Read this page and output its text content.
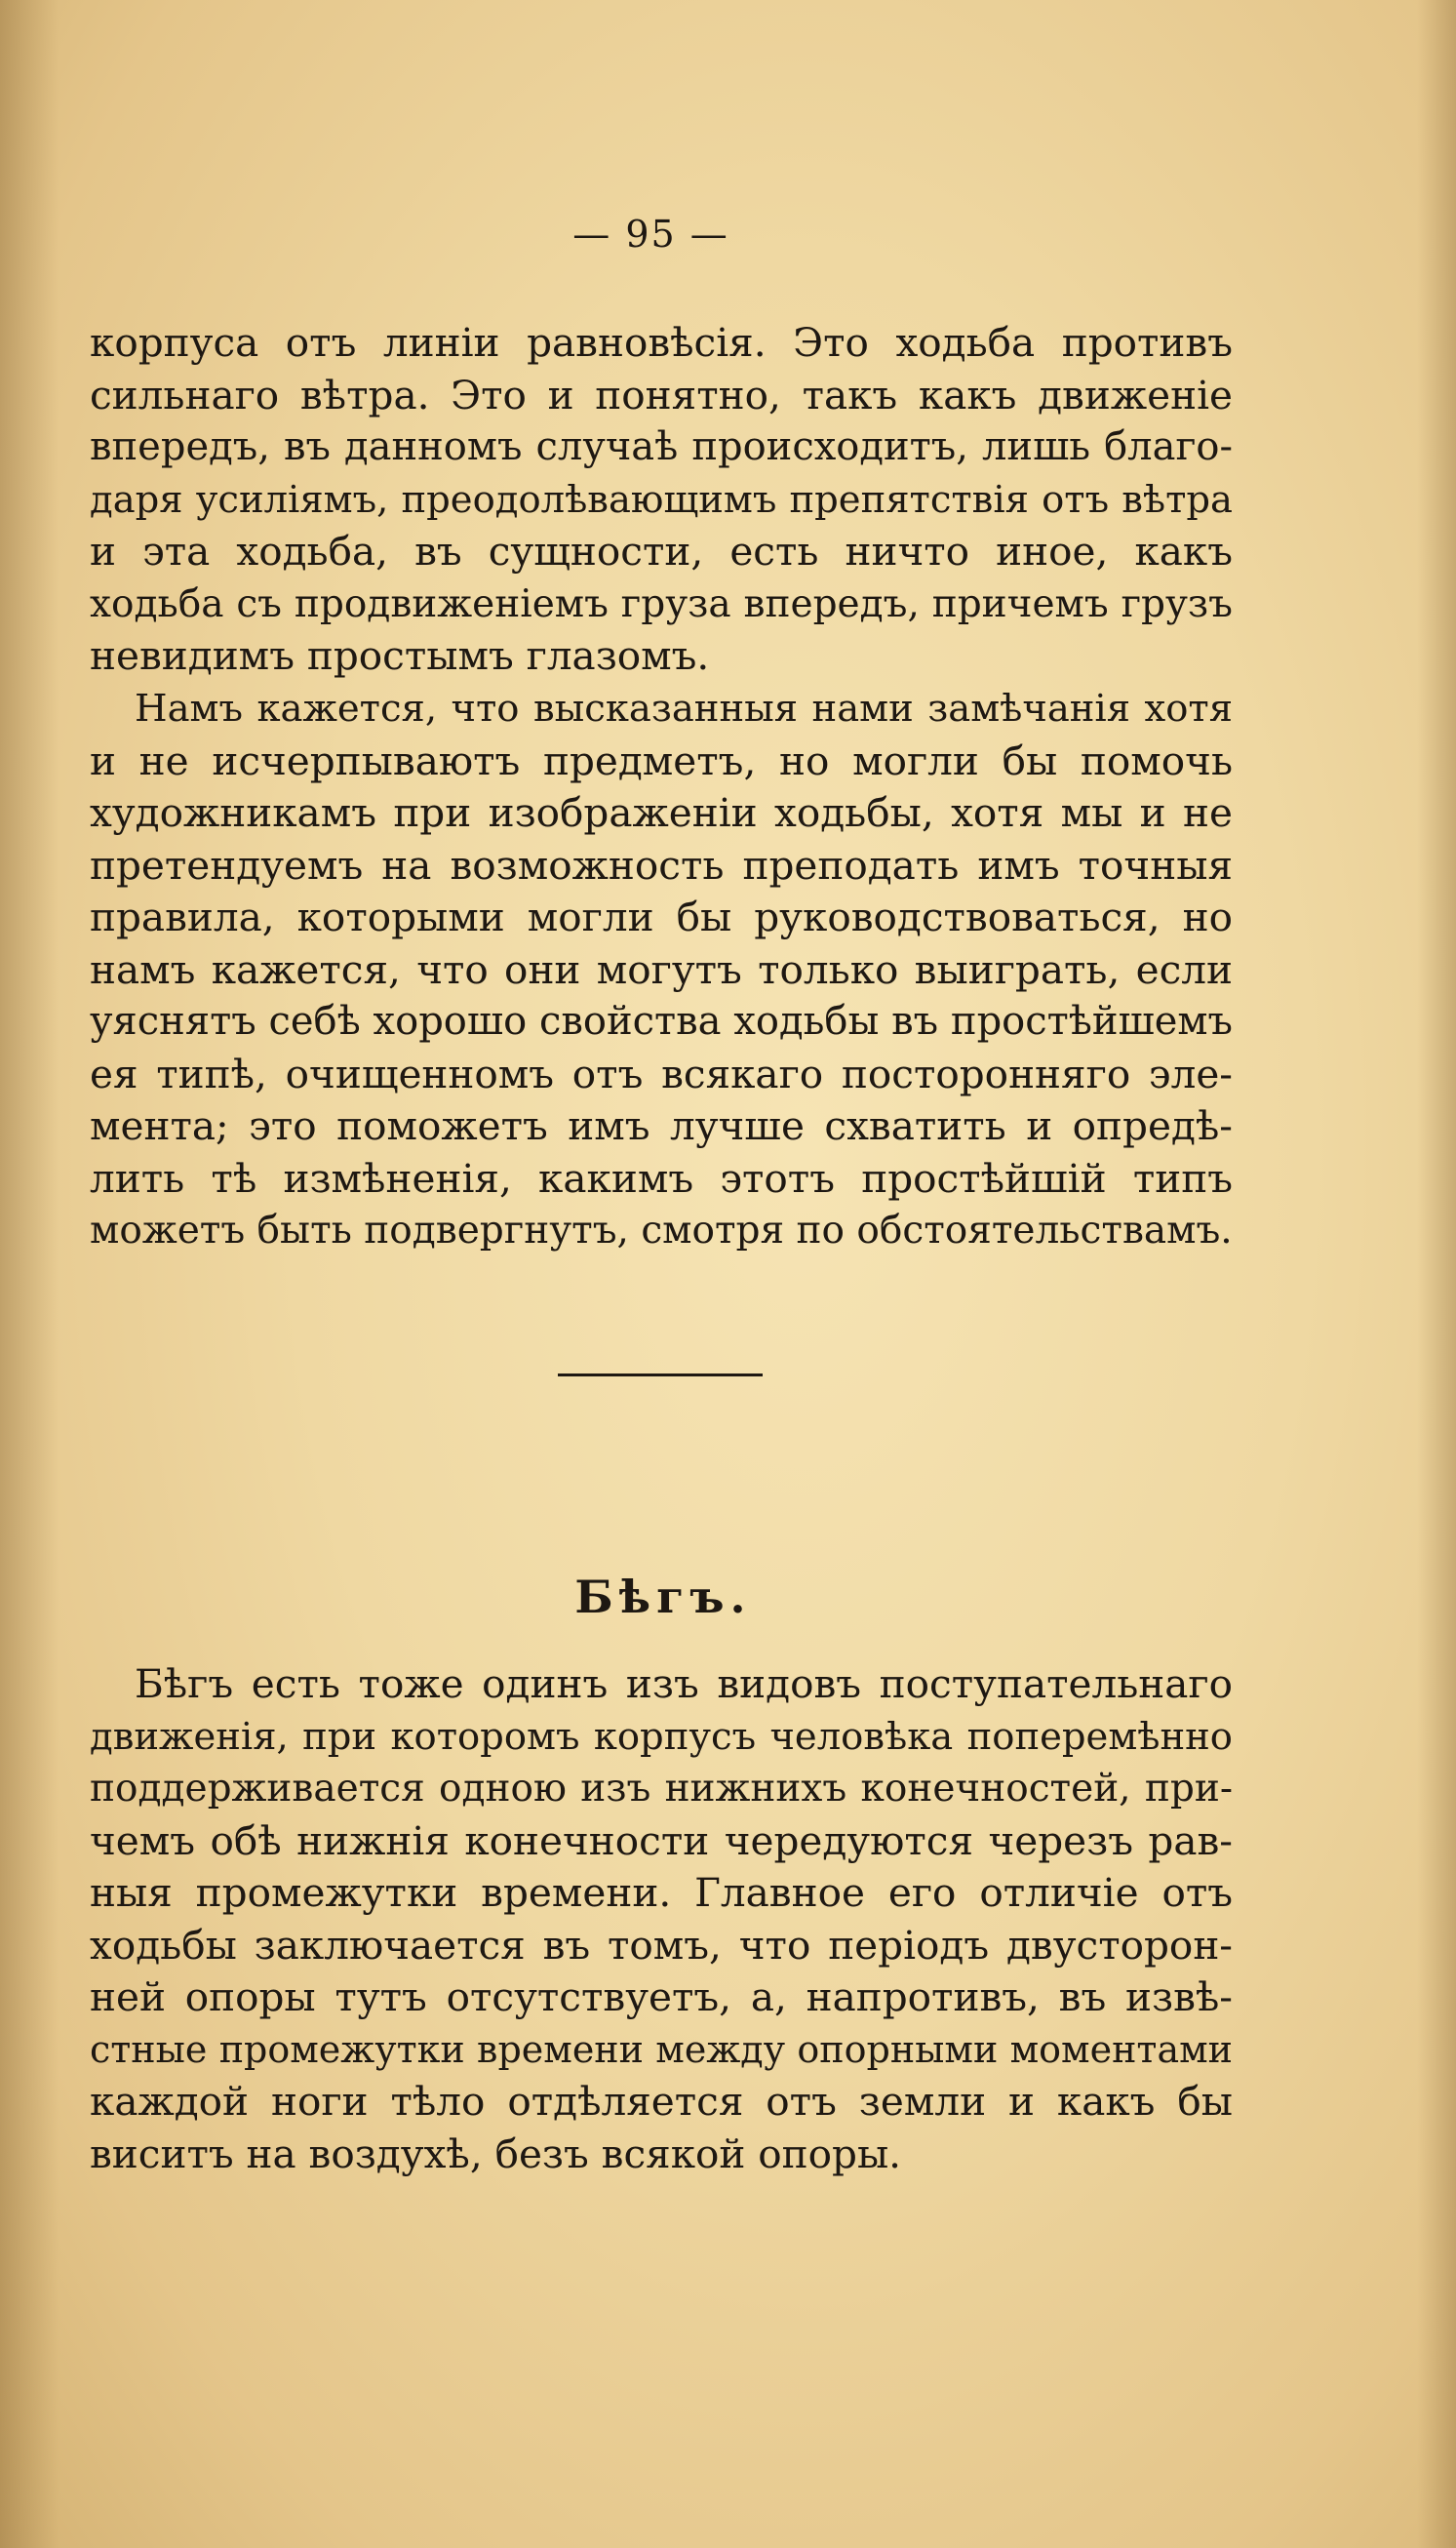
— 95 —
корпуса отъ линіи равновѣсія. Это ходьба противъ
сильнаго вѣтра. Это и понятно, такъ какъ движеніе
впередъ, въ данномъ случаѣ происходитъ, лишь благо-
даря усиліямъ, преодолѣвающимъ препятствія отъ вѣтра
и эта ходьба, въ сущности, есть ничто иное, какъ
ходьба съ продвиженіемъ груза впередъ, причемъ грузъ
невидимъ простымъ глазомъ.
Намъ кажется, что высказанныя нами замѣчанія хотя
и не исчерпываютъ предметъ, но могли бы помочь
художникамъ при изображеніи ходьбы, хотя мы и не
претендуемъ на возможность преподать имъ точныя
правила, которыми могли бы руководствоваться, но
намъ кажется, что они могутъ только выиграть, если
уяснятъ себѣ хорошо свойства ходьбы въ простѣйшемъ
ея типѣ, очищенномъ отъ всякаго посторонняго эле-
мента; это поможетъ имъ лучше схватить и опредѣ-
лить тѣ измѣненія, какимъ этотъ простѣйшій типъ
можетъ быть подвергнутъ, смотря по обстоятельствамъ.
Бѣгъ.
Бѣгъ есть тоже одинъ изъ видовъ поступательнаго
движенія, при которомъ корпусъ человѣка поперемѣнно
поддерживается одною изъ нижнихъ конечностей, при-
чемъ обѣ нижнія конечности чередуются черезъ рав-
ныя промежутки времени. Главное его отличіе отъ
ходьбы заключается въ томъ, что періодъ двусторон-
ней опоры тутъ отсутствуетъ, а, напротивъ, въ извѣ-
стные промежутки времени между опорными моментами
каждой ноги тѣло отдѣляется отъ земли и какъ бы
виситъ на воздухѣ, безъ всякой опоры.
